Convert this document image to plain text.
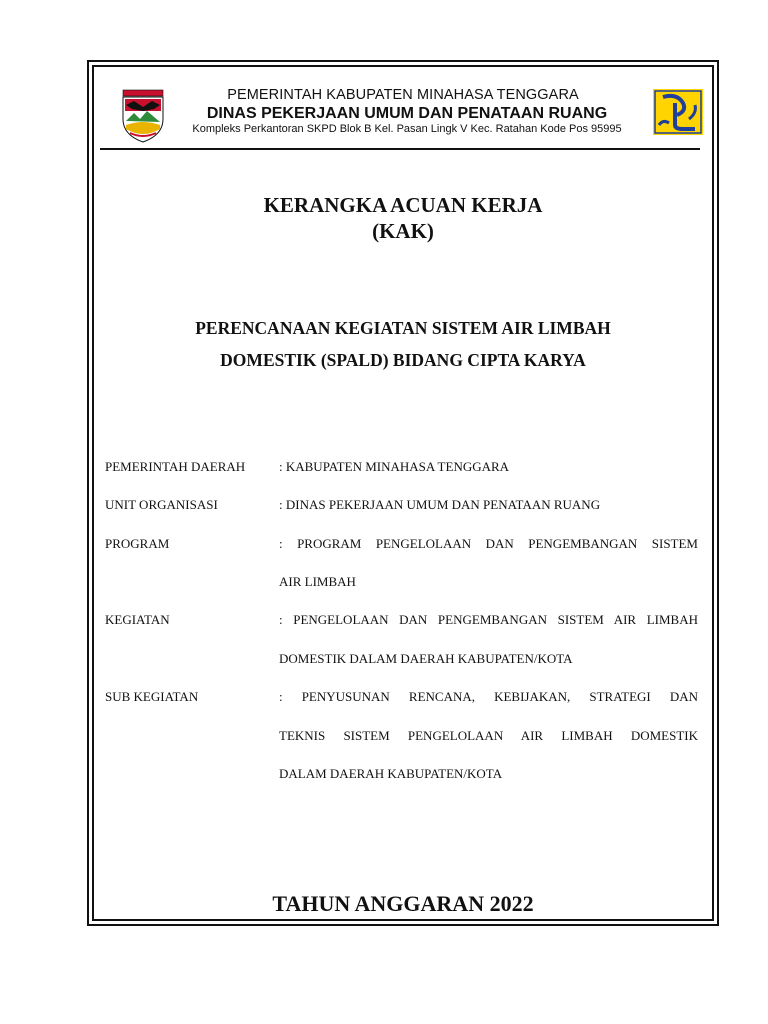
PEMERINTAH KABUPATEN MINAHASA TENGGARA
DINAS PEKERJAAN UMUM DAN PENATAAN RUANG
Kompleks Perkantoran SKPD Blok B Kel. Pasan Lingk V Kec. Ratahan Kode Pos 95995
KERANGKA ACUAN KERJA
(KAK)
PERENCANAAN KEGIATAN SISTEM AIR LIMBAH
DOMESTIK (SPALD) BIDANG CIPTA KARYA
PEMERINTAH DAERAH	: KABUPATEN MINAHASA TENGGARA
UNIT ORGANISASI	: DINAS PEKERJAAN UMUM DAN PENATAAN RUANG
PROGRAM	: PROGRAM PENGELOLAAN DAN PENGEMBANGAN SISTEM
AIR LIMBAH
KEGIATAN	: PENGELOLAAN DAN PENGEMBANGAN SISTEM AIR LIMBAH
DOMESTIK DALAM DAERAH KABUPATEN/KOTA
SUB KEGIATAN	: PENYUSUNAN RENCANA, KEBIJAKAN, STRATEGI DAN
TEKNIS SISTEM PENGELOLAAN AIR LIMBAH DOMESTIK
DALAM DAERAH KABUPATEN/KOTA
TAHUN ANGGARAN 2022
